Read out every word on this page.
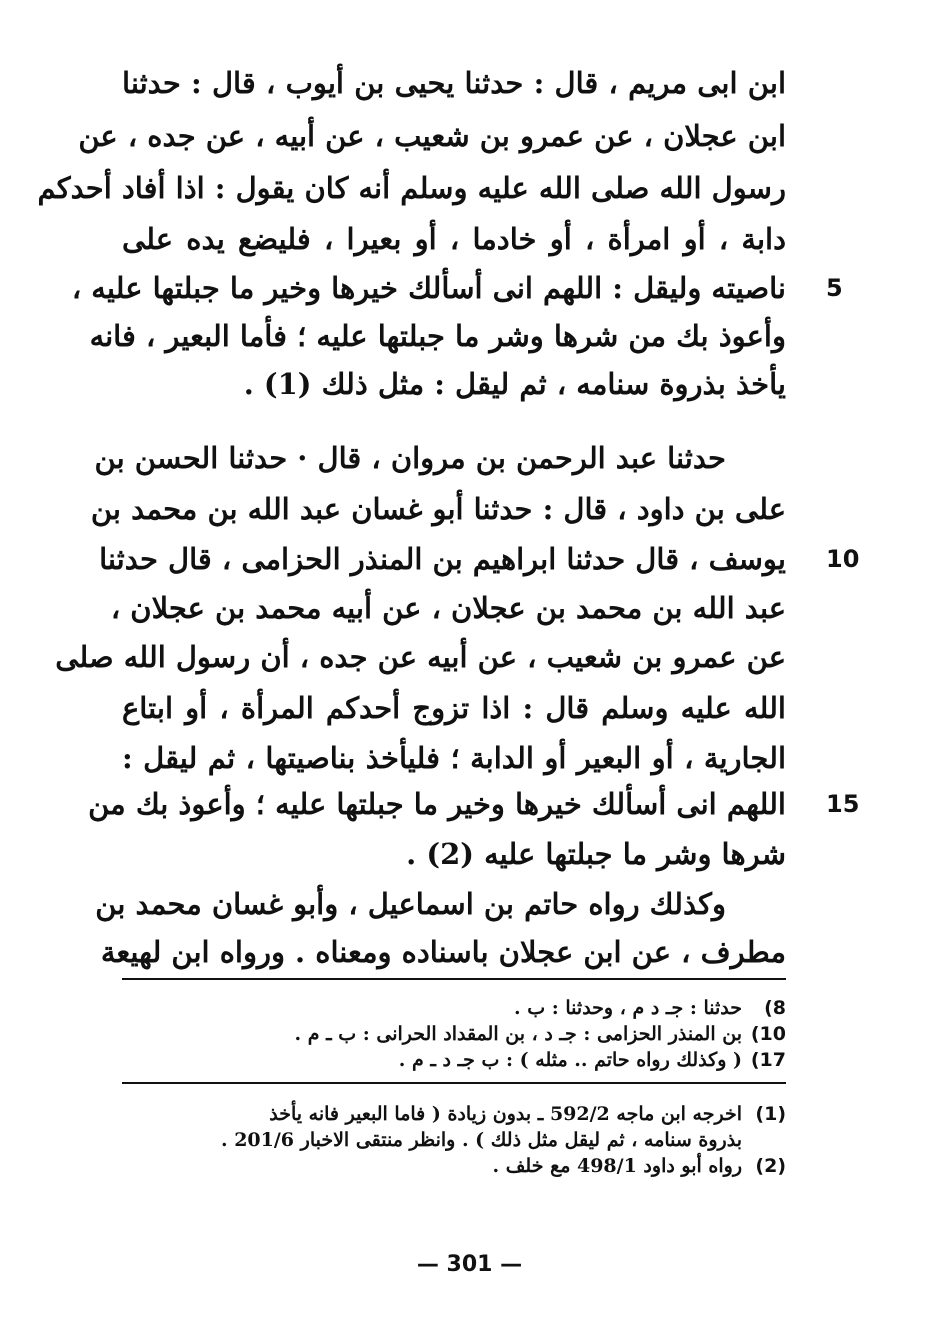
ابن ابى مريم ، قال : حدثنا يحيى بن أيوب ، قال : حدثنا
ابن عجلان ، عن عمرو بن شعيب ، عن أبيه ، عن جده ، عن
رسول الله صلى الله عليه وسلم أنه كان يقول : اذا أفاد أحدكم
دابة ، أو امرأة ، أو خادما ، أو بعيرا ، فليضع يده على
ناصيته وليقل : اللهم انى أسألك خيرها وخير ما جبلتها عليه ، 5
وأعوذ بك من شرها وشر ما جبلتها عليه ؛ فأما البعير ، فانه
يأخذ بذروة سنامه ، ثم ليقل : مثل ذلك (1) .
حدثنا عبد الرحمن بن مروان ، قال · حدثنا الحسن بن
على بن داود ، قال : حدثنا أبو غسان عبد الله بن محمد بن
يوسف ، قال حدثنا ابراهيم بن المنذر الحزامى ، قال حدثنا 10
عبد الله بن محمد بن عجلان ، عن أبيه محمد بن عجلان ،
عن عمرو بن شعيب ، عن أبيه عن جده ، أن رسول الله صلى
الله عليه وسلم قال : اذا تزوج أحدكم المرأة ، أو ابتاع
الجارية ، أو البعير أو الدابة ؛ فليأخذ بناصيتها ، ثم ليقل :
اللهم انى أسألك خيرها وخير ما جبلتها عليه ؛ وأعوذ بك من 15
شرها وشر ما جبلتها عليه (2) .
وكذلك رواه حاتم بن اسماعيل ، وأبو غسان محمد بن
مطرف ، عن ابن عجلان باسناده ومعناه . ورواه ابن لهيعة
8)حدثنا : جـ د م ، وحدثنا : ب .
10)بن المنذر الحزامى : جـ د ، بن المقداد الحرانى : ب ـ م .
17)( وكذلك رواه حاتم .. مثله ) : ب جـ د ـ م .
(1)اخرجه ابن ماجه 592/2 ـ بدون زيادة ( فاما البعير فانه يأخذ
بذروة سنامه ، ثم ليقل مثل ذلك ) . وانظر منتقى الاخبار 201/6 .
(2)رواه أبو داود 498/1 مع خلف .
— 301 —
